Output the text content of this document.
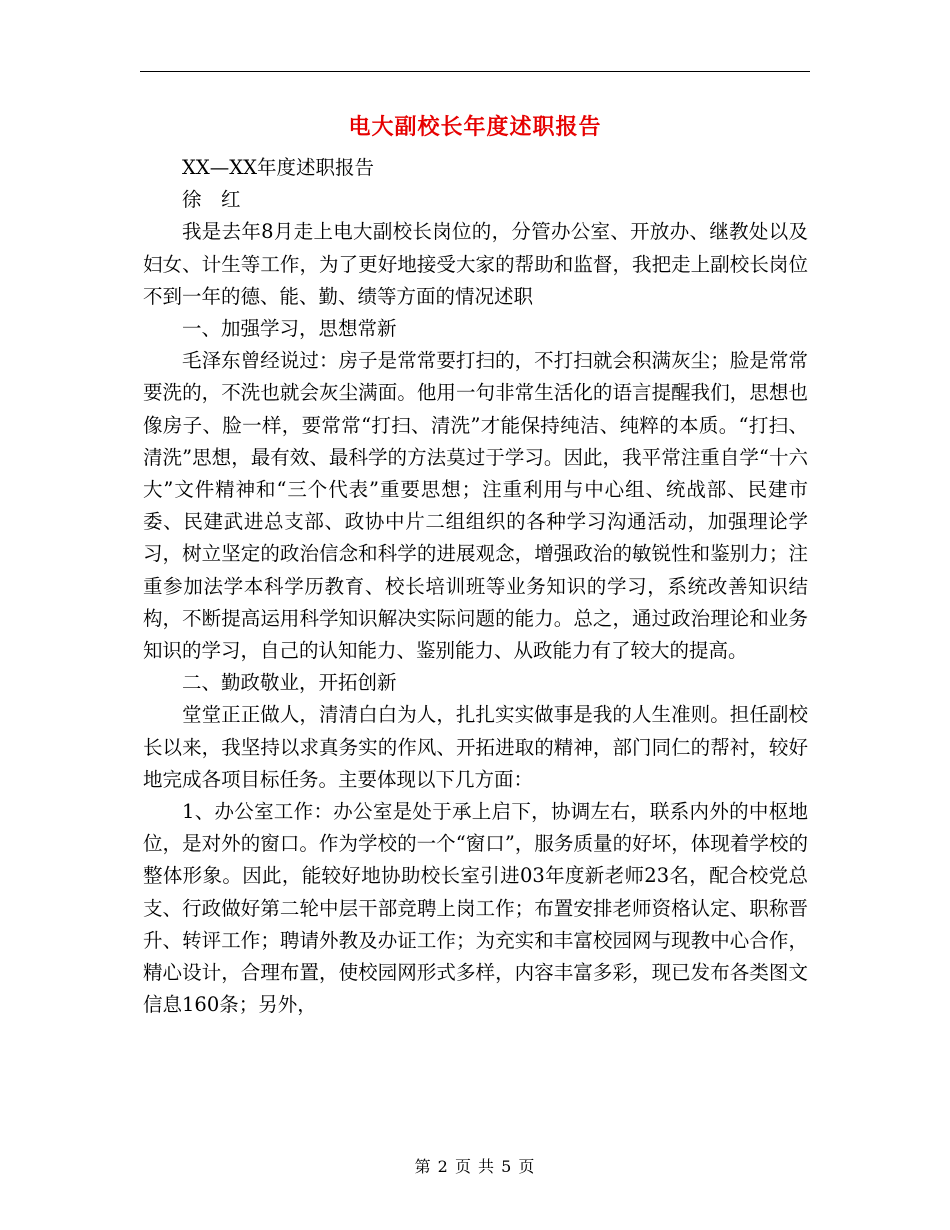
电大副校长年度述职报告

XX—XX年度述职报告

徐　红

我是去年8月走上电大副校长岗位的，分管办公室、开放办、继教处以及妇女、计生等工作，为了更好地接受大家的帮助和监督，我把走上副校长岗位不到一年的德、能、勤、绩等方面的情况述职

一、加强学习，思想常新

毛泽东曾经说过：房子是常常要打扫的，不打扫就会积满灰尘；脸是常常要洗的，不洗也就会灰尘满面。他用一句非常生活化的语言提醒我们，思想也像房子、脸一样，要常常“打扫、清洗”才能保持纯洁、纯粹的本质。“打扫、清洗”思想，最有效、最科学的方法莫过于学习。因此，我平常注重自学“十六大”文件精神和“三个代表”重要思想；注重利用与中心组、统战部、民建市委、民建武进总支部、政协中片二组组织的各种学习沟通活动，加强理论学习，树立坚定的政治信念和科学的进展观念，增强政治的敏锐性和鉴别力；注重参加法学本科学历教育、校长培训班等业务知识的学习，系统改善知识结构，不断提高运用科学知识解决实际问题的能力。总之，通过政治理论和业务知识的学习，自己的认知能力、鉴别能力、从政能力有了较大的提高。

二、勤政敬业，开拓创新

堂堂正正做人，清清白白为人，扎扎实实做事是我的人生准则。担任副校长以来，我坚持以求真务实的作风、开拓进取的精神，部门同仁的帮衬，较好地完成各项目标任务。主要体现以下几方面：

1、办公室工作：办公室是处于承上启下，协调左右，联系内外的中枢地位，是对外的窗口。作为学校的一个“窗口”，服务质量的好坏，体现着学校的整体形象。因此，能较好地协助校长室引进03年度新老师23名，配合校党总支、行政做好第二轮中层干部竞聘上岗工作；布置安排老师资格认定、职称晋升、转评工作；聘请外教及办证工作；为充实和丰富校园网与现教中心合作，精心设计，合理布置，使校园网形式多样，内容丰富多彩，现已发布各类图文信息160条；另外，

第 2 页 共 5 页
